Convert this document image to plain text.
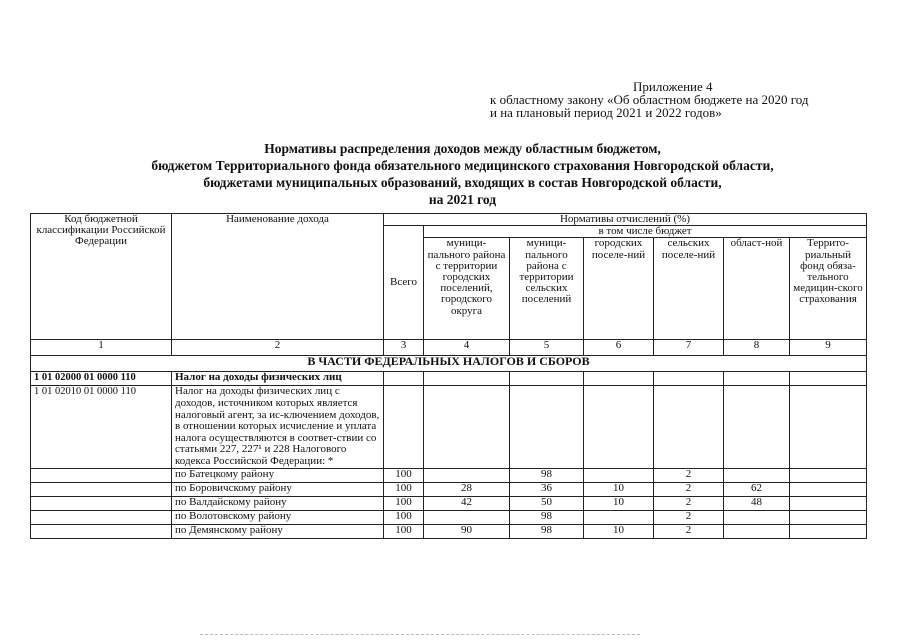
Приложение 4
к областному закону «Об областном бюджете на 2020 год
и на плановый период 2021 и 2022 годов»
Нормативы распределения доходов между областным бюджетом,
бюджетом Территориального фонда обязательного медицинского страхования Новгородской области,
бюджетами муниципальных образований, входящих в состав Новгородской области,
на 2021 год
Код бюджетной классификации Российской Федерации	Наименование дохода	Нормативы отчислений (%)						
		Всего	в том числе бюджет					
			муници-пального района с территории городских поселений, городского округа	муници-пального района с территории сельских поселений	городских поселе-ний	сельских поселе-ний	област-ной	Террито-риальный фонд обяза-тельного медицин-ского страхования
1	2	3	4	5	6	7	8	9
В ЧАСТИ ФЕДЕРАЛЬНЫХ НАЛОГОВ И СБОРОВ								
1 01 02000 01 0000 110	Налог на доходы физических лиц							
1 01 02010 01 0000 110	Налог на доходы физических лиц с доходов, источником которых является налоговый агент, за ис-ключением доходов, в отношении которых исчисление и уплата налога осуществляются в соответ-ствии со статьями 227, 227¹ и 228 Налогового кодекса Российской Федерации: *							
	по Батецкому району	100		98		2		
	по Боровичскому району	100	28	36	10	2	62	
	по Валдайскому району	100	42	50	10	2	48	
	по Волотовскому району	100		98		2		
	по Демянскому району	100	90	98	10	2		
